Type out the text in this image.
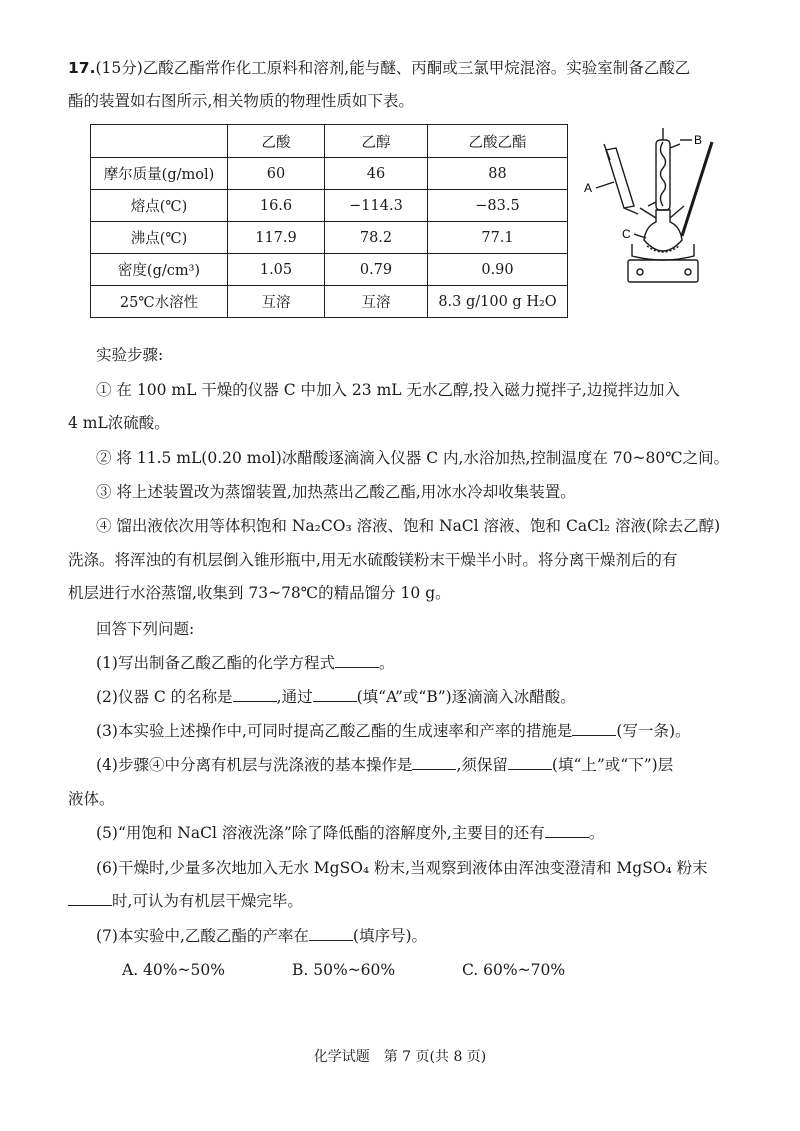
17.(15分)乙酸乙酯常作化工原料和溶剂,能与醚、丙酮或三氯甲烷混溶。实验室制备乙酸乙
酯的装置如右图所示,相关物质的物理性质如下表。
	乙酸	乙醇	乙酸乙酯
摩尔质量(g/mol)	60	46	88
熔点(℃)	16.6	−114.3	−83.5
沸点(℃)	117.9	78.2	77.1
密度(g/cm³)	1.05	0.79	0.90
25℃水溶性	互溶	互溶	8.3 g/100 g H₂O
A
B
C
实验步骤:
① 在 100 mL 干燥的仪器 C 中加入 23 mL 无水乙醇,投入磁力搅拌子,边搅拌边加入
4 mL浓硫酸。
② 将 11.5 mL(0.20 mol)冰醋酸逐滴滴入仪器 C 内,水浴加热,控制温度在 70~80℃之间。
③ 将上述装置改为蒸馏装置,加热蒸出乙酸乙酯,用冰水冷却收集装置。
④ 馏出液依次用等体积饱和 Na₂CO₃ 溶液、饱和 NaCl 溶液、饱和 CaCl₂ 溶液(除去乙醇)
洗涤。将浑浊的有机层倒入锥形瓶中,用无水硫酸镁粉末干燥半小时。将分离干燥剂后的有
机层进行水浴蒸馏,收集到 73~78℃的精品馏分 10 g。
回答下列问题:
(1)写出制备乙酸乙酯的化学方程式	。
(2)仪器 C 的名称是	,通过	(填“A”或“B”)逐滴滴入冰醋酸。
(3)本实验上述操作中,可同时提高乙酸乙酯的生成速率和产率的措施是	(写一条)。
(4)步骤④中分离有机层与洗涤液的基本操作是	,须保留	(填“上”或“下”)层
液体。
(5)“用饱和 NaCl 溶液洗涤”除了降低酯的溶解度外,主要目的还有	。
(6)干燥时,少量多次地加入无水 MgSO₄ 粉末,当观察到液体由浑浊变澄清和 MgSO₄ 粉末
时,可认为有机层干燥完毕。
(7)本实验中,乙酸乙酯的产率在	(填序号)。
A. 40%~50%	B. 50%~60%	C. 60%~70%
化学试题　第 7 页(共 8 页)
